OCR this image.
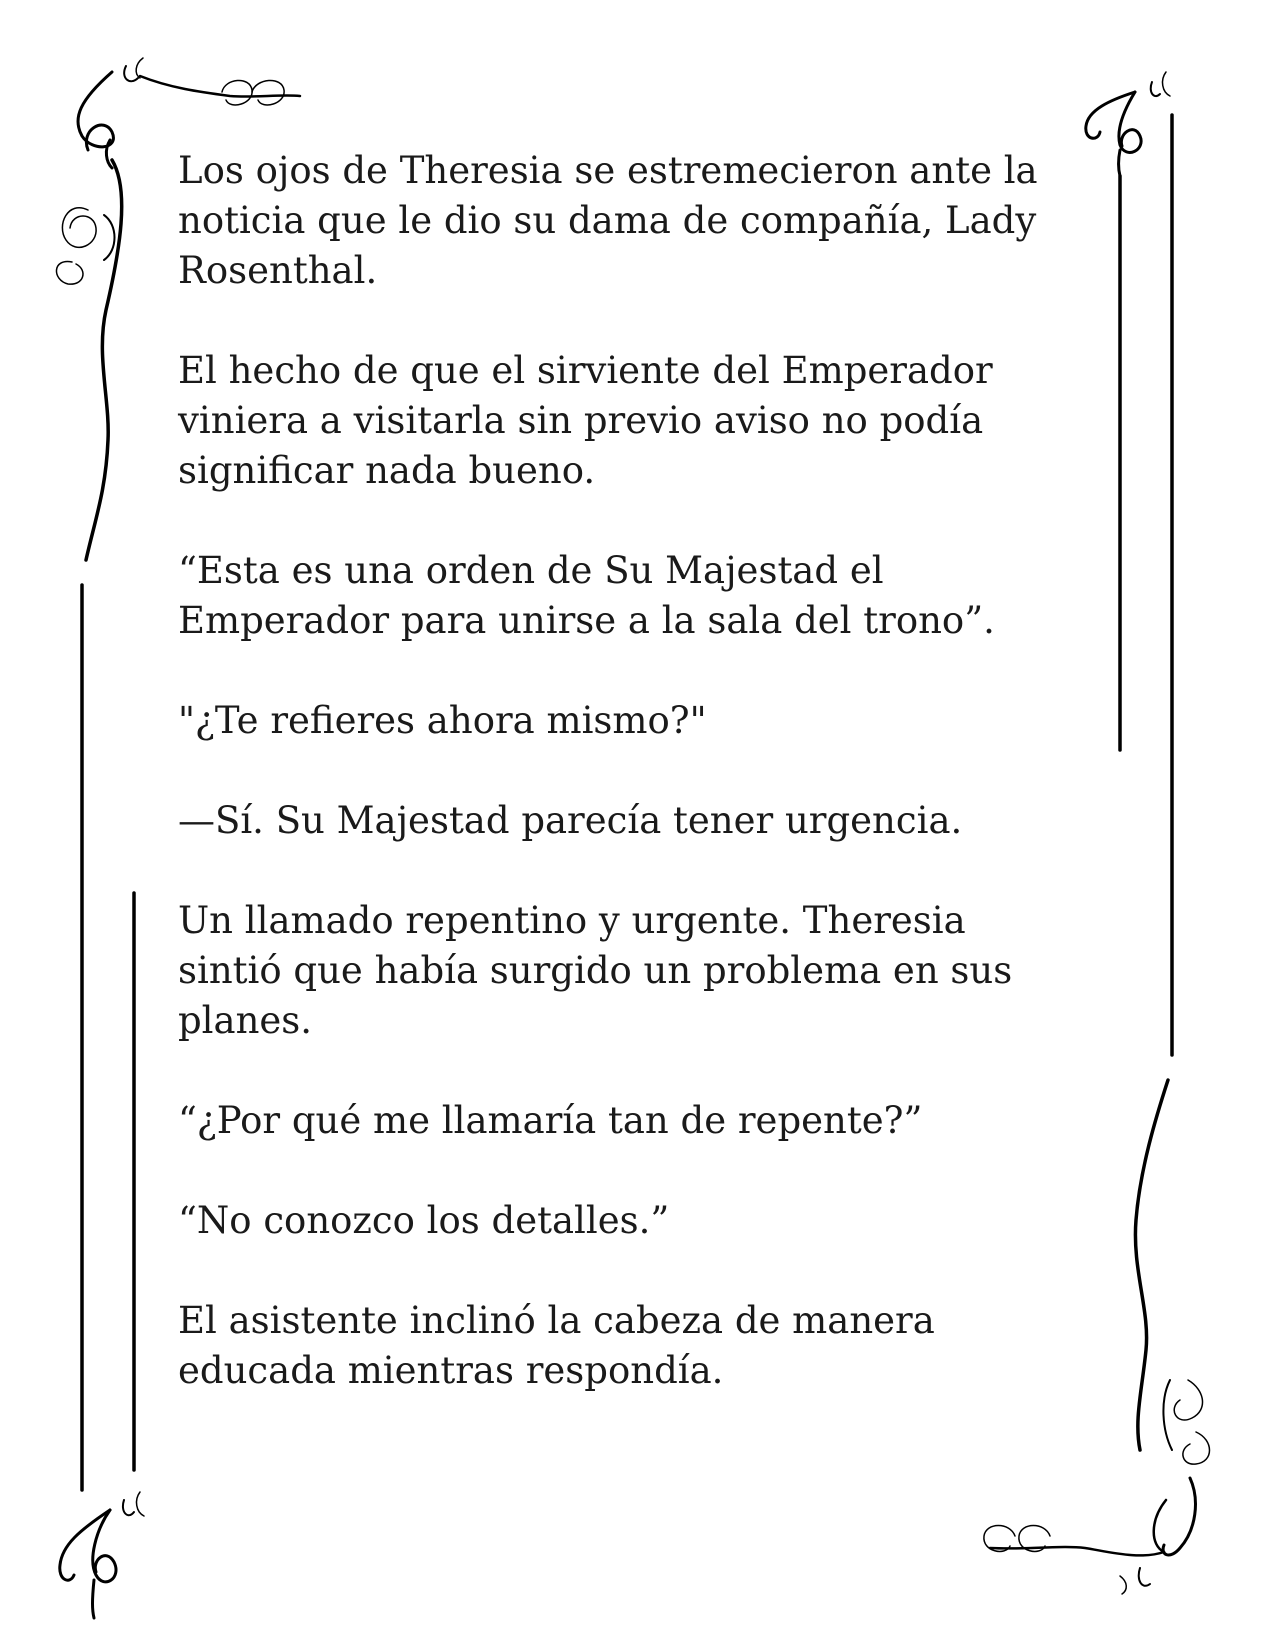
Los ojos de Theresia se estremecieron ante la noticia que le dio su dama de compañía, Lady Rosenthal.

El hecho de que el sirviente del Emperador viniera a visitarla sin previo aviso no podía significar nada bueno.

“Esta es una orden de Su Majestad el Emperador para unirse a la sala del trono”.

"¿Te refieres ahora mismo?"

—Sí. Su Majestad parecía tener urgencia.

Un llamado repentino y urgente. Theresia sintió que había surgido un problema en sus planes.

“¿Por qué me llamaría tan de repente?”

“No conozco los detalles.”

El asistente inclinó la cabeza de manera educada mientras respondía.
